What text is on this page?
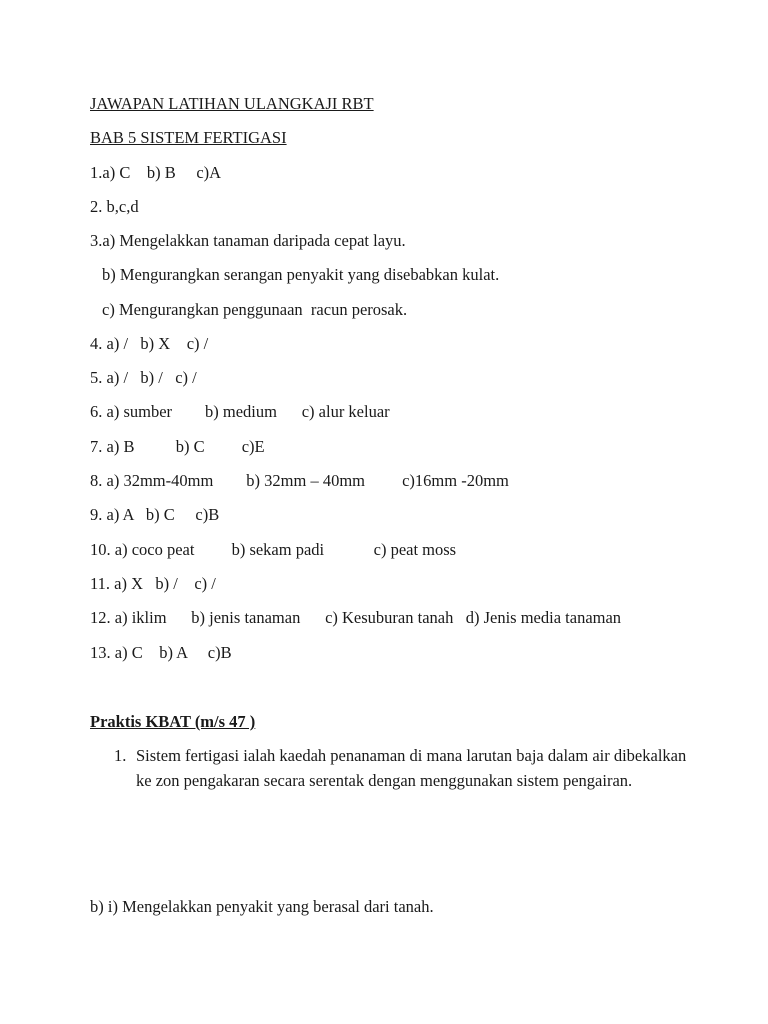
JAWAPAN LATIHAN ULANGKAJI RBT
BAB 5 SISTEM FERTIGASI
1.a) C    b) B     c)A
2. b,c,d
3.a) Mengelakkan tanaman daripada cepat layu.
b) Mengurangkan serangan penyakit yang disebabkan kulat.
c) Mengurangkan penggunaan  racun perosak.
4. a) /   b) X    c) /
5. a) /   b) /   c) /
6. a) sumber        b) medium      c) alur keluar
7. a) B          b) C         c)E
8. a) 32mm-40mm        b) 32mm – 40mm         c)16mm -20mm
9. a) A   b) C     c)B
10. a) coco peat         b) sekam padi            c) peat moss
11. a) X   b) /    c) /
12. a) iklim      b) jenis tanaman      c) Kesuburan tanah   d) Jenis media tanaman
13. a) C    b) A     c)B
Praktis KBAT (m/s 47 )
1. Sistem fertigasi ialah kaedah penanaman di mana larutan baja dalam air dibekalkan ke zon pengakaran secara serentak dengan menggunakan sistem pengairan.
b) i) Mengelakkan penyakit yang berasal dari tanah.
